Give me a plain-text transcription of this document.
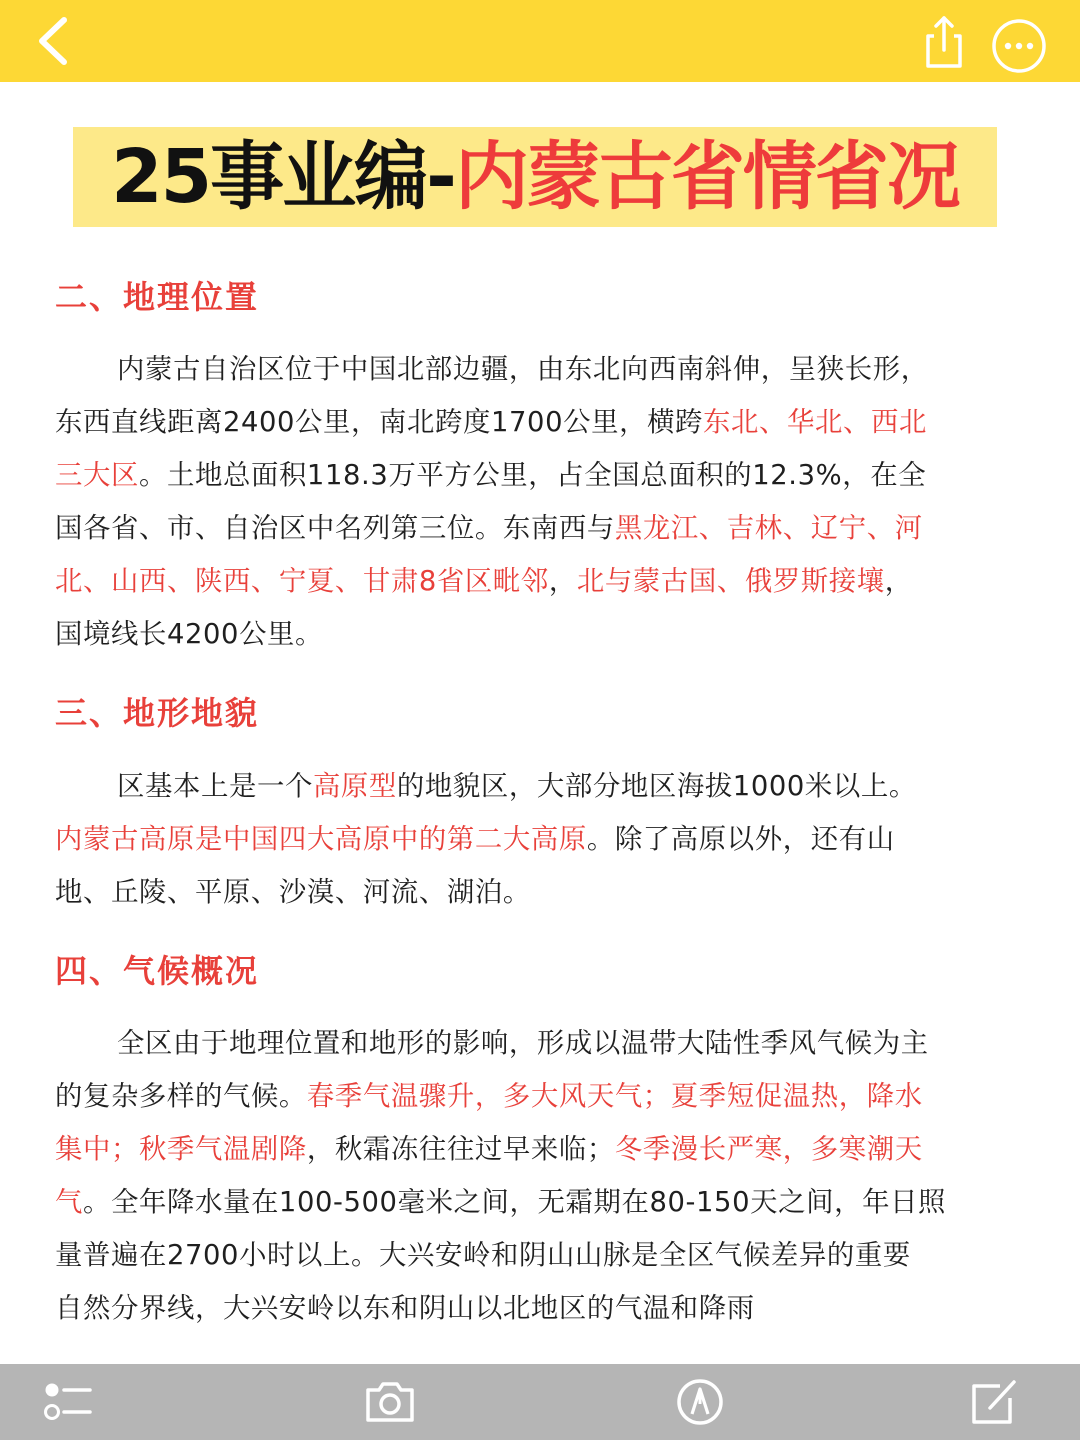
25事业编-内蒙古省情省况
二、地理位置
内蒙古自治区位于中国北部边疆，由东北向西南斜伸，呈狭长形，
东西直线距离2400公里，南北跨度1700公里，横跨东北、华北、西北
三大区。土地总面积118.3万平方公里，占全国总面积的12.3%，在全
国各省、市、自治区中名列第三位。东南西与黑龙江、吉林、辽宁、河
北、山西、陕西、宁夏、甘肃8省区毗邻，北与蒙古国、俄罗斯接壤，
国境线长4200公里。
三、地形地貌
区基本上是一个高原型的地貌区，大部分地区海拔1000米以上。
内蒙古高原是中国四大高原中的第二大高原。除了高原以外，还有山
地、丘陵、平原、沙漠、河流、湖泊。
四、气候概况
全区由于地理位置和地形的影响，形成以温带大陆性季风气候为主
的复杂多样的气候。春季气温骤升，多大风天气；夏季短促温热，降水
集中；秋季气温剧降，秋霜冻往往过早来临；冬季漫长严寒，多寒潮天
气。全年降水量在100-500毫米之间，无霜期在80-150天之间，年日照
量普遍在2700小时以上。大兴安岭和阴山山脉是全区气候差异的重要
自然分界线，大兴安岭以东和阴山以北地区的气温和降雨
